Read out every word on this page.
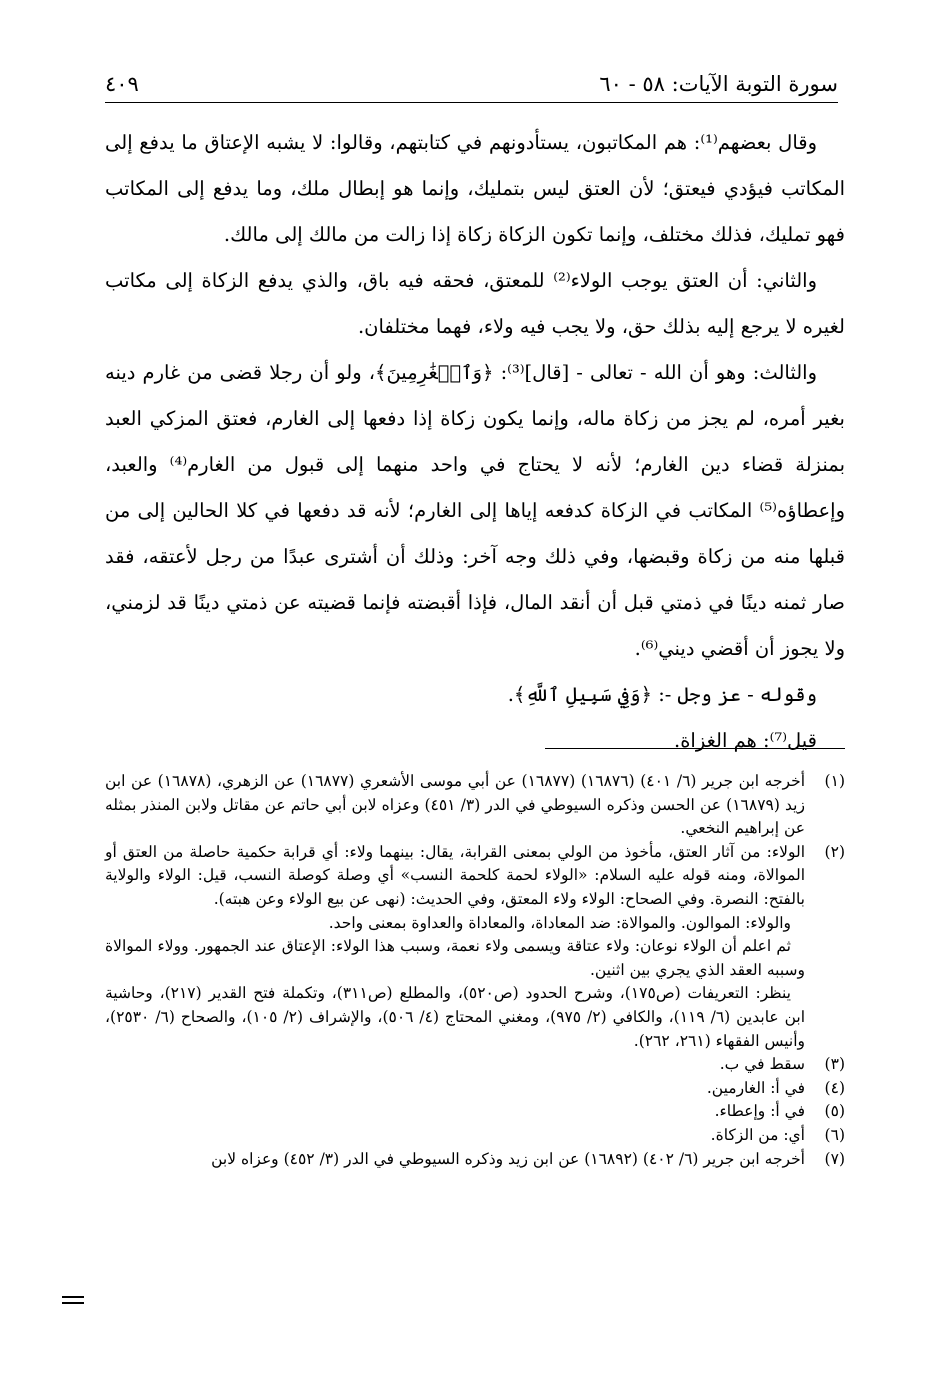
٤٠٩	سورة التوبة الآيات: ٥٨ - ٦٠

وقال بعضهم⁽¹⁾: هم المكاتبون، يستأدونهم في كتابتهم، وقالوا: لا يشبه الإعتاق ما يدفع إلى المكاتب فيؤدي فيعتق؛ لأن العتق ليس بتمليك، وإنما هو إبطال ملك، وما يدفع إلى المكاتب فهو تمليك، فذلك مختلف، وإنما تكون الزكاة زكاة إذا زالت من مالك إلى مالك.

والثاني: أن العتق يوجب الولاء⁽²⁾ للمعتق، فحقه فيه باق، والذي يدفع الزكاة إلى مكاتب لغيره لا يرجع إليه بذلك حق، ولا يجب فيه ولاء، فهما مختلفان.

والثالث: وهو أن الله - تعالى - [قال]⁽³⁾: ﴿وَٱلۡغَٰرِمِينَ﴾، ولو أن رجلا قضى من غارم دينه بغير أمره، لم يجز من زكاة ماله، وإنما يكون زكاة إذا دفعها إلى الغارم، فعتق المزكي العبد بمنزلة قضاء دين الغارم؛ لأنه لا يحتاج في واحد منهما إلى قبول من الغارم⁽⁴⁾ والعبد، وإعطاؤه⁽⁵⁾ المكاتب في الزكاة كدفعه إياها إلى الغارم؛ لأنه قد دفعها في كلا الحالين إلى من قبلها منه من زكاة وقبضها، وفي ذلك وجه آخر: وذلك أن أشترى عبدًا من رجل لأعتقه، فقد صار ثمنه دينًا في ذمتي قبل أن أنقد المال، فإذا أقبضته فإنما قضيته عن ذمتي دينًا قد لزمني، ولا يجوز أن أقضي ديني⁽⁶⁾.

وقوله - عز وجل -: ﴿وَفِي سَبِيلِ ٱللَّهِ﴾.

قيل⁽⁷⁾: هم الغزاة.

(١)
أخرجه ابن جرير (٦/ ٤٠١) (١٦٨٧٦) (١٦٨٧٧) عن أبي موسى الأشعري (١٦٨٧٧) عن الزهري، (١٦٨٧٨) عن ابن زيد (١٦٨٧٩) عن الحسن وذكره السيوطي في الدر (٣/ ٤٥١) وعزاه لابن أبي حاتم عن مقاتل ولابن المنذر بمثله عن إبراهيم النخعي.
(٢)
الولاء: من آثار العتق، مأخوذ من الولي بمعنى القرابة، يقال: بينهما ولاء: أي قرابة حكمية حاصلة من العتق أو الموالاة، ومنه قوله عليه السلام: «الولاء لحمة كلحمة النسب» أي وصلة كوصلة النسب، قيل: الولاء والولاية بالفتح: النصرة. وفي الصحاح: الولاء ولاء المعتق، وفي الحديث: (نهى عن بيع الولاء وعن هبته).
والولاء: الموالون. والموالاة: ضد المعاداة، والمعاداة والعداوة بمعنى واحد.
ثم اعلم أن الولاء نوعان: ولاء عتاقة ويسمى ولاء نعمة، وسبب هذا الولاء: الإعتاق عند الجمهور. وولاء الموالاة وسببه العقد الذي يجري بين اثنين.
ينظر: التعريفات (ص١٧٥)، وشرح الحدود (ص٥٢٠)، والمطلع (ص٣١١)، وتكملة فتح القدير (٢١٧)، وحاشية ابن عابدين (٦/ ١١٩)، والكافي (٢/ ٩٧٥)، ومغني المحتاج (٤/ ٥٠٦)، والإشراف (٢/ ١٠٥)، والصحاح (٦/ ٢٥٣٠)، وأنيس الفقهاء (٢٦١، ٢٦٢).
(٣)
سقط في ب.
(٤)
في أ: الغارمين.
(٥)
في أ: وإعطاء.
(٦)
أي: من الزكاة.
(٧)
أخرجه ابن جرير (٦/ ٤٠٢) (١٦٨٩٢) عن ابن زيد وذكره السيوطي في الدر (٣/ ٤٥٢) وعزاه لابن
